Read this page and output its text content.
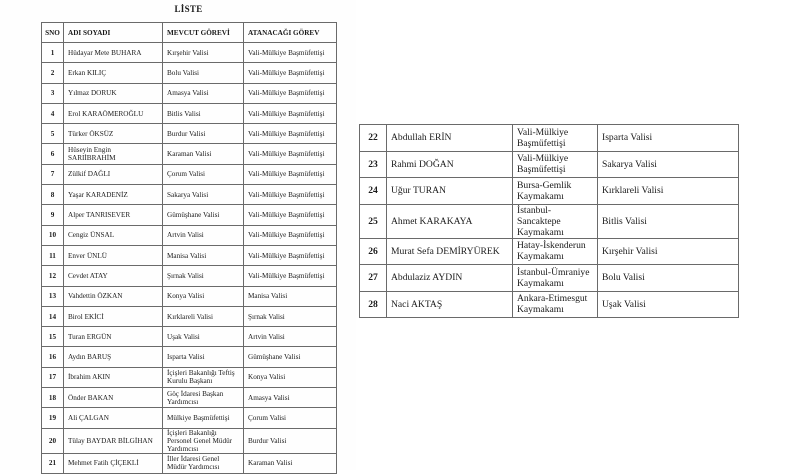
LİSTE
SNO	ADI SOYADI	MEVCUT GÖREVİ	ATANACAĞI GÖREV
1	Hüdayar Mete BUHARA	Kırşehir Valisi	Vali-Mülkiye Başmüfettişi
2	Erkan KILIÇ	Bolu Valisi	Vali-Mülkiye Başmüfettişi
3	Yılmaz DORUK	Amasya Valisi	Vali-Mülkiye Başmüfettişi
4	Erol KARAÖMEROĞLU	Bitlis Valisi	Vali-Mülkiye Başmüfettişi
5	Türker ÖKSÜZ	Burdur Valisi	Vali-Mülkiye Başmüfettişi
6	Hüseyin Engin SARIİBRAHİM	Karaman Valisi	Vali-Mülkiye Başmüfettişi
7	Zülkif DAĞLI	Çorum Valisi	Vali-Mülkiye Başmüfettişi
8	Yaşar KARADENİZ	Sakarya Valisi	Vali-Mülkiye Başmüfettişi
9	Alper TANRISEVER	Gümüşhane Valisi	Vali-Mülkiye Başmüfettişi
10	Cengiz ÜNSAL	Artvin Valisi	Vali-Mülkiye Başmüfettişi
11	Enver ÜNLÜ	Manisa Valisi	Vali-Mülkiye Başmüfettişi
12	Cevdet ATAY	Şırnak Valisi	Vali-Mülkiye Başmüfettişi
13	Vahdettin ÖZKAN	Konya Valisi	Manisa Valisi
14	Birol EKİCİ	Kırklareli Valisi	Şırnak Valisi
15	Turan ERGÜN	Uşak Valisi	Artvin Valisi
16	Aydın BARUŞ	Isparta Valisi	Gümüşhane Valisi
17	İbrahim AKIN	İçişleri Bakanlığı Teftiş Kurulu Başkanı	Konya Valisi
18	Önder BAKAN	Göç İdaresi Başkan Yardımcısı	Amasya Valisi
19	Ali ÇALGAN	Mülkiye Başmüfettişi	Çorum Valisi
20	Tülay BAYDAR BİLGİHAN	İçişleri Bakanlığı Personel Genel Müdür Yardımcısı	Burdur Valisi
21	Mehmet Fatih ÇİÇEKLİ	İller İdaresi Genel Müdür Yardımcısı	Karaman Valisi
22	Abdullah ERİN	Vali-Mülkiye Başmüfettişi	Isparta Valisi
23	Rahmi DOĞAN	Vali-Mülkiye Başmüfettişi	Sakarya Valisi
24	Uğur TURAN	Bursa-Gemlik Kaymakamı	Kırklareli Valisi
25	Ahmet KARAKAYA	İstanbul-Sancaktepe Kaymakamı	Bitlis Valisi
26	Murat Sefa DEMİRYÜREK	Hatay-İskenderun Kaymakamı	Kırşehir Valisi
27	Abdulaziz AYDIN	İstanbul-Ümraniye Kaymakamı	Bolu Valisi
28	Naci AKTAŞ	Ankara-Etimesgut Kaymakamı	Uşak Valisi
